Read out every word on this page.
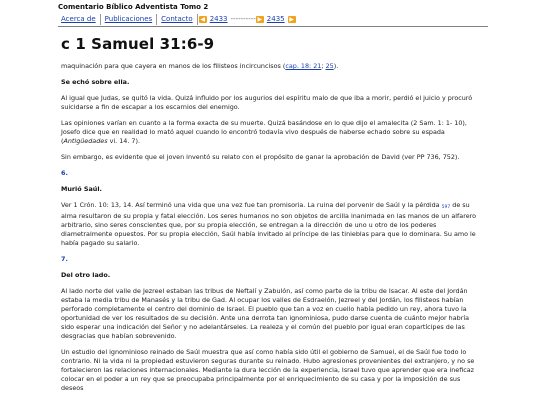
Comentario Bíblico Adventista Tomo 2
Acerca de	Publicaciones	Contacto	◀ 2433 ---------- ▶ 2435 ▶
c 1 Samuel 31:6-9

maquinación para que cayera en manos de los filisteos incircuncisos (cap. 18: 21; 25).

Se echó sobre ella.

Al igual que Judas, se quitó la vida. Quizá influido por los augurios del espíritu malo de que iba a morir, perdió el juicio y procuró suicidarse a fin de escapar a los escarnios del enemigo.

Las opiniones varían en cuanto a la forma exacta de su muerte. Quizá basándose en lo que dijo el amalecita (2 Sam. 1: 1- 10), Josefo dice que en realidad lo mató aquel cuando lo encontró todavía vivo después de haberse echado sobre su espada (Antigüedades vi. 14. 7).

Sin embargo, es evidente que el joven inventó su relato con el propósito de ganar la aprobación de David (ver PP 736, 752).

6.

Murió Saúl.

Ver 1 Crón. 10: 13, 14. Así terminó una vida que una vez fue tan promisoria. La ruina del porvenir de Saúl y la pérdida $_{597}$ de su alma resultaron de su propia y fatal elección. Los seres humanos no son objetos de arcilla inanimada en las manos de un alfarero arbitrario, sino seres conscientes que, por su propia elección, se entregan a la dirección de uno u otro de los poderes diametralmente opuestos. Por su propia elección, Saúl había invitado al príncipe de las tinieblas para que lo dominara. Su amo le había pagado su salario.

7.

Del otro lado.

Al lado norte del valle de Jezreel estaban las tribus de Neftalí y Zabulón, así como parte de la tribu de Isacar. Al este del Jordán estaba la media tribu de Manasés y la tribu de Gad. Al ocupar los valles de Esdraelón, Jezreel y del Jordán, los filisteos habían perforado completamente el centro del dominio de Israel. El pueblo que tan a voz en cuello había pedido un rey, ahora tuvo la oportunidad de ver los resultados de su decisión. Ante una derrota tan ignominiosa, pudo darse cuenta de cuánto mejor habría sido esperar una indicación del Señor y no adelantárseles. La realeza y el común del pueblo por igual eran copartícipes de las desgracias que habían sobrevenido.

Un estudio del ignominioso reinado de Saúl muestra que así como había sido útil el gobierno de Samuel, el de Saúl fue todo lo contrario. Ni la vida ni la propiedad estuvieron seguras durante su reinado. Hubo agresiones provenientes del extranjero, y no se fortalecieron las relaciones internacionales. Mediante la dura lección de la experiencia, Israel tuvo que aprender que era ineficaz colocar en el poder a un rey que se preocupaba principalmente por el enriquecimiento de su casa y por la imposición de sus deseos
